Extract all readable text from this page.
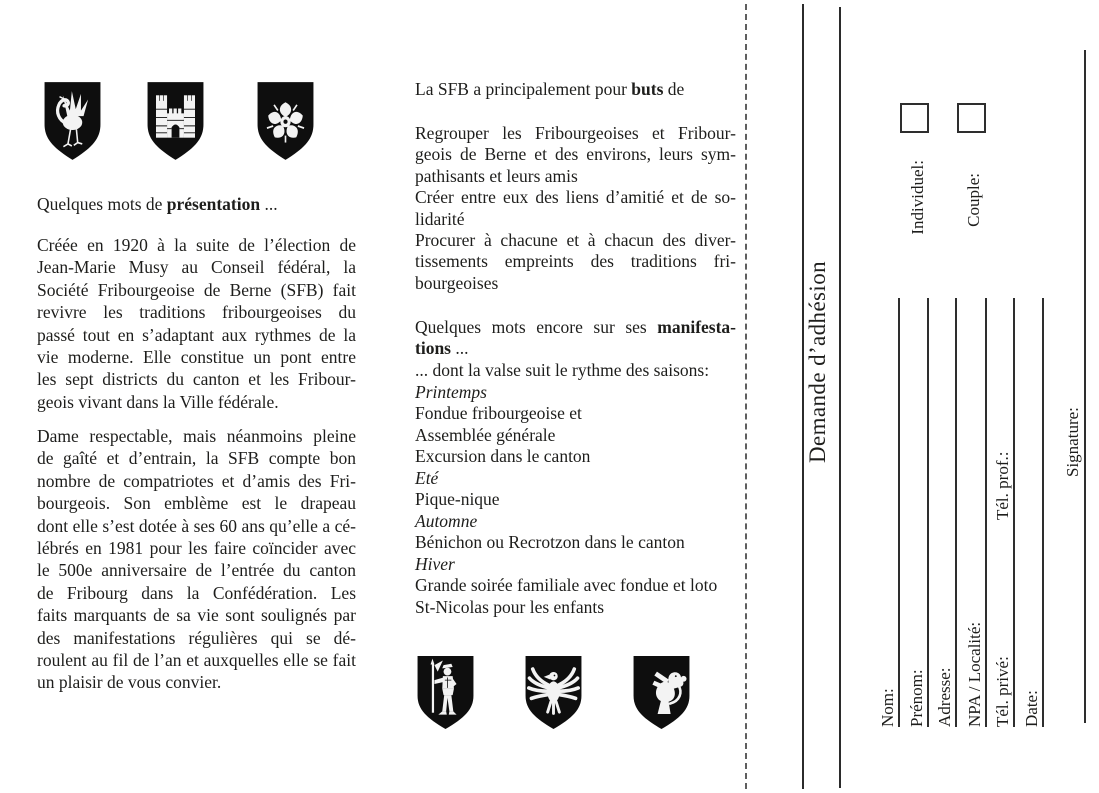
Quelques mots de présentation ...
Créée en 1920 à la suite de l’élection de
Jean-Marie Musy au Conseil fédéral, la
Société Fribourgeoise de Berne (SFB) fait
revivre les traditions fribourgeoises du
passé tout en s’adaptant aux rythmes de la
vie moderne. Elle constitue un pont entre
les sept districts du canton et les Fribour-
geois vivant dans la Ville fédérale.
Dame respectable, mais néanmoins pleine
de gaîté et d’entrain, la SFB compte bon
nombre de compatriotes et d’amis des Fri-
bourgeois. Son emblème est le drapeau
dont elle s’est dotée à ses 60 ans qu’elle a cé-
lébrés en 1981 pour les faire coïncider avec
le 500e anniversaire de l’entrée du canton
de Fribourg dans la Confédération. Les
faits marquants de sa vie sont soulignés par
des manifestations régulières qui se dé-
roulent au fil de l’an et auxquelles elle se fait
un plaisir de vous convier.
La SFB a principalement pour buts de
Regrouper les Fribourgeoises et Fribour-
geois de Berne et des environs, leurs sym-
pathisants et leurs amis
Créer entre eux des liens d’amitié et de so-
lidarité
Procurer à chacune et à chacun des diver-
tissements empreints des traditions fri-
bourgeoises
Quelques mots encore sur ses manifesta-
tions ...
... dont la valse suit le rythme des saisons:
Printemps
Fondue fribourgeoise et
Assemblée générale
Excursion dans le canton
Eté
Pique-nique
Automne
Bénichon ou Recrotzon dans le canton
Hiver
Grande soirée familiale avec fondue et loto
St-Nicolas pour les enfants
Demande d’adhésion
Individuel: Couple:
Nom: Prénom: Adresse: NPA / Localité: Tél. privé:
Tél. prof.:
Date:
Signature:
